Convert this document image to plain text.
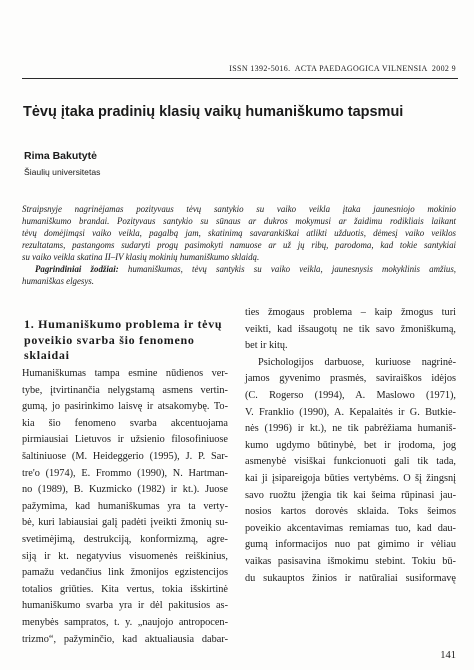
ISSN 1392-5016.  ACTA PAEDAGOGICA VILNENSIA  2002 9
Tėvų įtaka pradinių klasių vaikų humaniškumo tapsmui
Rima Bakutytė
Šiaulių universitetas
Straipsnyje nagrinėjamas pozityvaus tėvų santykio su vaiko veikla įtaka jaunesniojo mokinio
humaniškumo brandai. Pozityvaus santykio su sūnaus ar dukros mokymusi ar žaidimu rodikliais laikant
tėvų domėjimąsi vaiko veikla, pagalbą jam, skatinimą savarankiškai atlikti užduotis, dėmesį vaiko veiklos
rezultatams, pastangoms sudaryti progų pasimokyti namuose ar už jų ribų, parodoma, kad tokie santykiai
su vaiko veikla skatina II–IV klasių mokinių humaniškumo sklaidą.
Pagrindiniai žodžiai: humaniškumas, tėvų santykis su vaiko veikla, jaunesnysis mokyklinis amžius,
humaniškas elgesys.
1. Humaniškumo problema ir tėvų
poveikio svarba šio fenomeno
sklaidai
Humaniškumas tampa esmine nūdienos ver-
tybe, įtvirtinančia nelygstamą asmens vertin-
gumą, jo pasirinkimo laisvę ir atsakomybę. To-
kia šio fenomeno svarba akcentuojama
pirmiausiai Lietuvos ir užsienio filosofiniuose
šaltiniuose (M. Heideggerio (1995), J. P. Sar-
tre'o (1974), E. Frommo (1990), N. Hartman-
no (1989), B. Kuzmicko (1982) ir kt.). Juose
pažymima, kad humaniškumas yra ta verty-
bė, kuri labiausiai galį padėti įveikti žmonių su-
svetimėjimą, destrukciją, konformizmą, agre-
siją ir kt. negatyvius visuomenės reiškinius,
pamažu vedančius link žmonijos egzistencijos
totalios griūties. Kita vertus, tokia išskirtinė
humaniškumo svarba yra ir dėl pakitusios as-
menybės sampratos, t. y. „naujojo antropocen-
trizmo“, pažyminčio, kad aktualiausia dabar-
ties žmogaus problema – kaip žmogus turi
veikti, kad išsaugotų ne tik savo žmoniškumą,
bet ir kitų.
Psichologijos darbuose, kuriuose nagrinė-
jamos gyvenimo prasmės, saviraiškos idėjos
(C. Rogerso (1994), A. Maslowo (1971),
V. Franklio (1990), A. Kepalaitės ir G. Butkie-
nės (1996) ir kt.), ne tik pabrėžiama humaniš-
kumo ugdymo būtinybė, bet ir įrodoma, jog
asmenybė visiškai funkcionuoti gali tik tada,
kai ji įsipareigoja būties vertybėms. O šį žingsnį
savo ruožtu įžengia tik kai šeima rūpinasi jau-
nosios kartos dorovės sklaida. Toks šeimos
poveikio akcentavimas remiamas tuo, kad dau-
gumą informacijos nuo pat gimimo ir vėliau
vaikas pasisavina išmokimu stebint. Tokiu bū-
du sukauptos žinios ir natūraliai susiformavę
141
